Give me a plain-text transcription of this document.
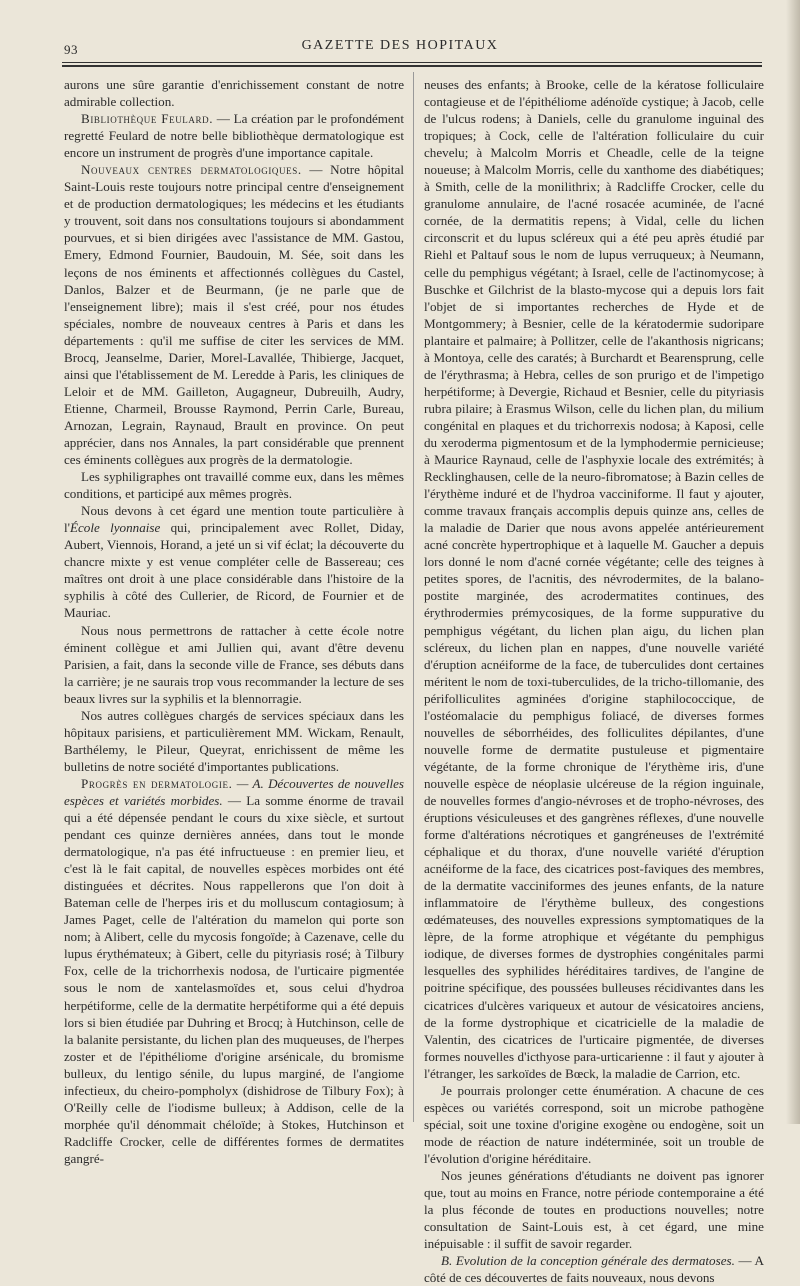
93	GAZETTE DES HOPITAUX

aurons une sûre garantie d'enrichissement constant de notre admirable collection.

Bibliothèque Feulard. — La création par le profondément regretté Feulard de notre belle bibliothèque dermatologique est encore un instrument de progrès d'une importance capitale.

Nouveaux centres dermatologiques. — Notre hôpital Saint-Louis reste toujours notre principal centre d'enseignement et de production dermatologiques; les médecins et les étudiants y trouvent, soit dans nos consultations toujours si abondamment pourvues, et si bien dirigées avec l'assistance de MM. Gastou, Emery, Edmond Fournier, Baudouin, M. Sée, soit dans les leçons de nos éminents et affectionnés collègues du Castel, Danlos, Balzer et de Beurmann, (je ne parle que de l'enseignement libre); mais il s'est créé, pour nos études spéciales, nombre de nouveaux centres à Paris et dans les départements : qu'il me suffise de citer les services de MM. Brocq, Jeanselme, Darier, Morel-Lavallée, Thibierge, Jacquet, ainsi que l'établissement de M. Leredde à Paris, les cliniques de Leloir et de MM. Gailleton, Augagneur, Dubreuilh, Audry, Etienne, Charmeil, Brousse Raymond, Perrin Carle, Bureau, Arnozan, Legrain, Raynaud, Brault en province. On peut apprécier, dans nos Annales, la part considérable que prennent ces éminents collègues aux progrès de la dermatologie.

Les syphiligraphes ont travaillé comme eux, dans les mêmes conditions, et participé aux mêmes progrès.

Nous devons à cet égard une mention toute particulière à l'École lyonnaise qui, principalement avec Rollet, Diday, Aubert, Viennois, Horand, a jeté un si vif éclat; la découverte du chancre mixte y est venue compléter celle de Bassereau; ces maîtres ont droit à une place considérable dans l'histoire de la syphilis à côté des Cullerier, de Ricord, de Fournier et de Mauriac.

Nous nous permettrons de rattacher à cette école notre éminent collègue et ami Jullien qui, avant d'être devenu Parisien, a fait, dans la seconde ville de France, ses débuts dans la carrière; je ne saurais trop vous recommander la lecture de ses beaux livres sur la syphilis et la blennorragie.

Nos autres collègues chargés de services spéciaux dans les hôpitaux parisiens, et particulièrement MM. Wickam, Renault, Barthélemy, le Pileur, Queyrat, enrichissent de même les bulletins de notre société d'importantes publications.

Progrès en dermatologie. — A. Découvertes de nouvelles espèces et variétés morbides. — La somme énorme de travail qui a été dépensée pendant le cours du xixe siècle, et surtout pendant ces quinze dernières années, dans tout le monde dermatologique, n'a pas été infructueuse : en premier lieu, et c'est là le fait capital, de nouvelles espèces morbides ont été distinguées et décrites. Nous rappellerons que l'on doit à Bateman celle de l'herpes iris et du molluscum contagiosum; à James Paget, celle de l'altération du mamelon qui porte son nom; à Alibert, celle du mycosis fongoïde; à Cazenave, celle du lupus érythémateux; à Gibert, celle du pityriasis rosé; à Tilbury Fox, celle de la trichorrhexis nodosa, de l'urticaire pigmentée sous le nom de xantelasmoïdes et, sous celui d'hydroa herpétiforme, celle de la dermatite herpétiforme qui a été depuis lors si bien étudiée par Duhring et Brocq; à Hutchinson, celle de la balanite persistante, du lichen plan des muqueuses, de l'herpes zoster et de l'épithéliome d'origine arsénicale, du bromisme bulleux, du lentigo sénile, du lupus marginé, de l'angiome infectieux, du cheiro-pompholyx (dishidrose de Tilbury Fox); à O'Reilly celle de l'iodisme bulleux; à Addison, celle de la morphée qu'il dénommait chéloïde; à Stokes, Hutchinson et Radcliffe Crocker, celle de différentes formes de dermatites gangré-

neuses des enfants; à Brooke, celle de la kératose folliculaire contagieuse et de l'épithéliome adénoïde cystique; à Jacob, celle de l'ulcus rodens; à Daniels, celle du granulome inguinal des tropiques; à Cock, celle de l'altération folliculaire du cuir chevelu; à Malcolm Morris et Cheadle, celle de la teigne noueuse; à Malcolm Morris, celle du xanthome des diabétiques; à Smith, celle de la monilithrix; à Radcliffe Crocker, celle du granulome annulaire, de l'acné rosacée acuminée, de l'acné cornée, de la dermatitis repens; à Vidal, celle du lichen circonscrit et du lupus scléreux qui a été peu après étudié par Riehl et Paltauf sous le nom de lupus verruqueux; à Neumann, celle du pemphigus végétant; à Israel, celle de l'actinomycose; à Buschke et Gilchrist de la blasto-mycose qui a depuis lors fait l'objet de si importantes recherches de Hyde et de Montgommery; à Besnier, celle de la kératodermie sudoripare plantaire et palmaire; à Pollitzer, celle de l'akanthosis nigricans; à Montoya, celle des caratés; à Burchardt et Bearensprung, celle de l'érythrasma; à Hebra, celles de son prurigo et de l'impetigo herpétiforme; à Devergie, Richaud et Besnier, celle du pityriasis rubra pilaire; à Erasmus Wilson, celle du lichen plan, du milium congénital en plaques et du trichorrexis nodosa; à Kaposi, celle du xeroderma pigmentosum et de la lymphodermie pernicieuse; à Maurice Raynaud, celle de l'asphyxie locale des extrémités; à Recklinghausen, celle de la neuro-fibromatose; à Bazin celles de l'érythème induré et de l'hydroa vacciniforme. Il faut y ajouter, comme travaux français accomplis depuis quinze ans, celles de la maladie de Darier que nous avons appelée antérieurement acné concrète hypertrophique et à laquelle M. Gaucher a depuis lors donné le nom d'acné cornée végétante; celle des teignes à petites spores, de l'acnitis, des névrodermites, de la balano-postite marginée, des acrodermatites continues, des érythrodermies prémycosiques, de la forme suppurative du pemphigus végétant, du lichen plan aigu, du lichen plan scléreux, du lichen plan en nappes, d'une nouvelle variété d'éruption acnéiforme de la face, de tuberculides dont certaines méritent le nom de toxi-tuberculides, de la tricho-tillomanie, des périfolliculites agminées d'origine staphilococcique, de l'ostéomalacie du pemphigus foliacé, de diverses formes nouvelles de séborrhéides, des folliculites dépilantes, d'une nouvelle forme de dermatite pustuleuse et pigmentaire végétante, de la forme chronique de l'érythème iris, d'une nouvelle espèce de néoplasie ulcéreuse de la région inguinale, de nouvelles formes d'angio-névroses et de tropho-névroses, des éruptions vésiculeuses et des gangrènes réflexes, d'une nouvelle forme d'altérations nécrotiques et gangréneuses de l'extrémité céphalique et du thorax, d'une nouvelle variété d'éruption acnéiforme de la face, des cicatrices post-faviques des membres, de la dermatite vacciniformes des jeunes enfants, de la nature inflammatoire de l'érythème bulleux, des congestions œdémateuses, des nouvelles expressions symptomatiques de la lèpre, de la forme atrophique et végétante du pemphigus iodique, de diverses formes de dystrophies congénitales parmi lesquelles des syphilides héréditaires tardives, de l'angine de poitrine spécifique, des poussées bulleuses récidivantes dans les cicatrices d'ulcères variqueux et autour de vésicatoires anciens, de la forme dystrophique et cicatricielle de la maladie de Valentin, des cicatrices de l'urticaire pigmentée, de diverses formes nouvelles d'icthyose para-urticarienne : il faut y ajouter à l'étranger, les sarkoïdes de Bœck, la maladie de Carrion, etc.

Je pourrais prolonger cette énumération. A chacune de ces espèces ou variétés correspond, soit un microbe pathogène spécial, soit une toxine d'origine exogène ou endogène, soit un mode de réaction de nature indéterminée, soit un trouble de l'évolution d'origine héréditaire.

Nos jeunes générations d'étudiants ne doivent pas ignorer que, tout au moins en France, notre période contemporaine a été la plus féconde de toutes en productions nouvelles; notre consultation de Saint-Louis est, à cet égard, une mine inépuisable : il suffit de savoir regarder.

B. Evolution de la conception générale des dermatoses. — A côté de ces découvertes de faits nouveaux, nous devons
